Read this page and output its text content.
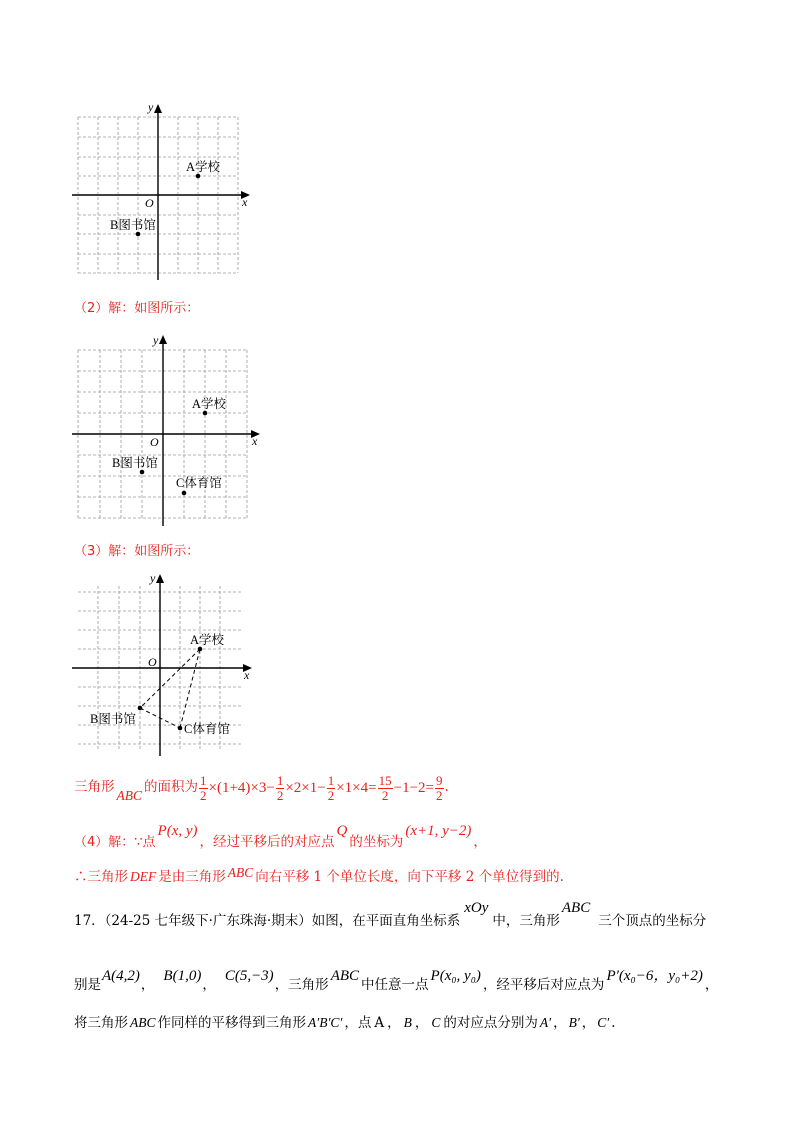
x
y
O
A学校
B图书馆
（2）解：如图所示：
x
y
O
A学校
B图书馆
C体育馆
（3）解：如图所示：
x
y
O
A学校
B图书馆
C体育馆
三角形
ABC
的面积为 $\frac{1}{2} \times(1+4)\times 3- \frac{1}{2} \times 2\times 1- \frac{1}{2} \times 1\times 4= \frac{15}{2} -1-2= \frac{9}{2}$ .
（4）解：∵点
P(x, y)
，经过平移后的对应点
Q
的坐标为
(x+1, y−2)
，
∴三角形 DEF 是由三角形 ABC 向右平移 1 个单位长度，向下平移 2 个单位得到的.
17．（24-25 七年级下·广东珠海·期末）如图，在平面直角坐标系
xOy
中，三角形
ABC
三个顶点的坐标分
别是
A(4,2)
，
B(1,0)
，
C(5,−3)
，三角形
ABC
中任意一点
P(x₀, y₀)
，经平移后对应点为
P′(x₀−6，y₀+2)
，
将三角形 ABC 作同样的平移得到三角形 A′B′C′ ，点 A ， B ， C 的对应点分别为 A′ ， B′ ， C′ .
